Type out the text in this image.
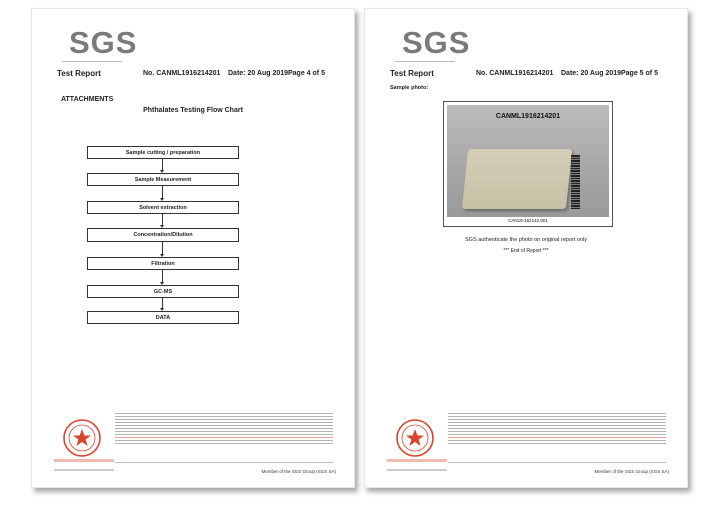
SGS
Test Report	No. CANML1916214201 Date: 20 Aug 2019 Page 4 of 5
ATTACHMENTS
Phthalates Testing Flow Chart
Sample cutting / preparation
Sample Measurement
Solvent extraction
Concentration/Dilution
Filtration
GC-MS
DATA
Member of the SGS Group (SGS SA)
SGS
Test Report	No. CANML1916214201 Date: 20 Aug 2019 Page 5 of 5
Sample photo:
CANML1916214201
CAN19-162142.001
SGS authenticate the photo on original report only
*** End of Report ***
Member of the SGS Group (SGS SA)
